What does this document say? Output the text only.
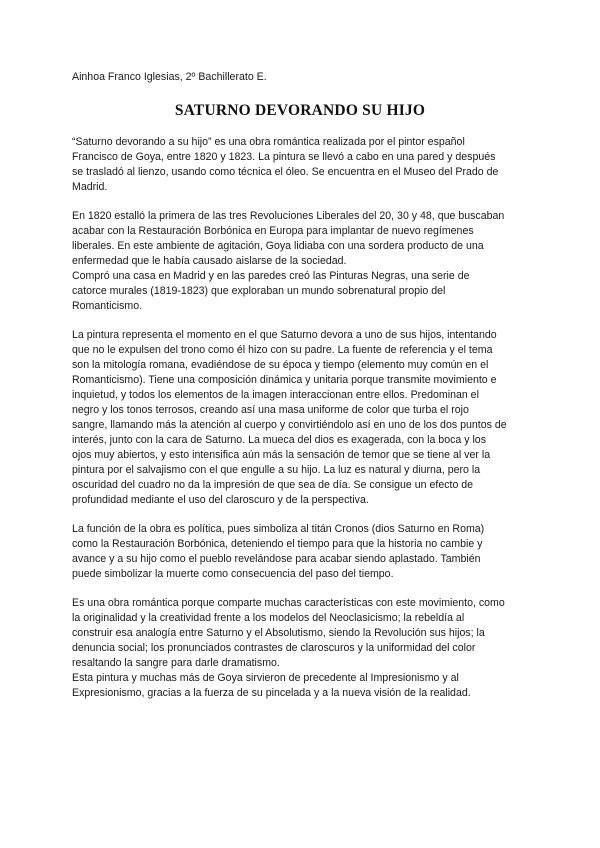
Ainhoa Franco Iglesias, 2º Bachillerato E.
SATURNO DEVORANDO SU HIJO
“Saturno devorando a su hijo” es una obra romántica realizada por el pintor español
Francisco de Goya, entre 1820 y 1823. La pintura se llevó a cabo en una pared y después
se trasladó al lienzo, usando como técnica el óleo. Se encuentra en el Museo del Prado de
Madrid.
En 1820 estalló la primera de las tres Revoluciones Liberales del 20, 30 y 48, que buscaban
acabar con la Restauración Borbónica en Europa para implantar de nuevo regímenes
liberales. En este ambiente de agitación, Goya lidiaba con una sordera producto de una
enfermedad que le había causado aislarse de la sociedad.
Compró una casa en Madrid y en las paredes creó las Pinturas Negras, una serie de
catorce murales (1819-1823) que exploraban un mundo sobrenatural propio del
Romanticismo.
La pintura representa el momento en el que Saturno devora a uno de sus hijos, intentando
que no le expulsen del trono como él hizo con su padre. La fuente de referencia y el tema
son la mitología romana, evadiéndose de su época y tiempo (elemento muy común en el
Romanticismo). Tiene una composición dinámica y unitaria porque transmite movimiento e
inquietud, y todos los elementos de la imagen interaccionan entre ellos. Predominan el
negro y los tonos terrosos, creando así una masa uniforme de color que turba el rojo
sangre, llamando más la atención al cuerpo y convirtiéndolo así en uno de los dos puntos de
interés, junto con la cara de Saturno. La mueca del dios es exagerada, con la boca y los
ojos muy abiertos, y esto intensifica aún más la sensación de temor que se tiene al ver la
pintura por el salvajismo con el que engulle a su hijo. La luz es natural y diurna, pero la
oscuridad del cuadro no da la impresión de que sea de día. Se consigue un efecto de
profundidad mediante el uso del claroscuro y de la perspectiva.
La función de la obra es política, pues simboliza al titán Cronos (dios Saturno en Roma)
como la Restauración Borbónica, deteniendo el tiempo para que la historia no cambie y
avance y a su hijo como el pueblo revelándose para acabar siendo aplastado. También
puede simbolizar la muerte como consecuencia del paso del tiempo.
Es una obra romántica porque comparte muchas características con este movimiento, como
la originalidad y la creatividad frente a los modelos del Neoclasicismo; la rebeldía al
construir esa analogía entre Saturno y el Absolutismo, siendo la Revolución sus hijos; la
denuncia social; los pronunciados contrastes de claroscuros y la uniformidad del color
resaltando la sangre para darle dramatismo.
Esta pintura y muchas más de Goya sirvieron de precedente al Impresionismo y al
Expresionismo, gracias a la fuerza de su pincelada y a la nueva visión de la realidad.
